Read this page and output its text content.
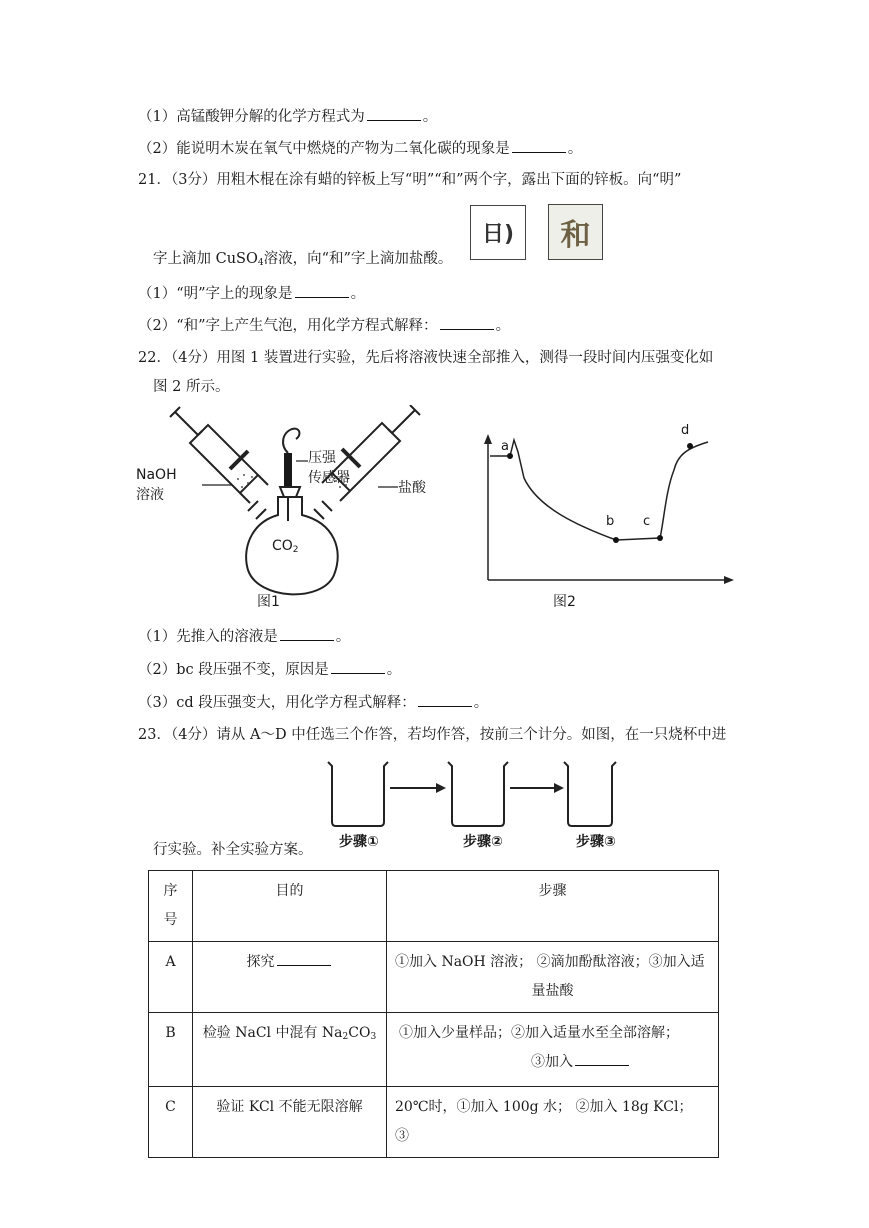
（1）高锰酸钾分解的化学方程式为	。
（2）能说明木炭在氧气中燃烧的产物为二氧化碳的现象是	。
21．（3分）用粗木棍在涂有蜡的锌板上写“明”“和”两个字，露出下面的锌板。向“明”
字上滴加 CuSO$_4$溶液，向“和”字上滴加盐酸。
日) 和
（1）“明”字上的现象是	。
（2）“和”字上产生气泡，用化学方程式解释：	。
22．（4分）用图 1 装置进行实验，先后将溶液快速全部推入，测得一段时间内压强变化如
图 2 所示。
压强
传感器
NaOH
溶液	盐酸
$CO_2$
图1
a
b c
d
图2
（1）先推入的溶液是	。
（2）bc 段压强不变，原因是	。
（3）cd 段压强变大，用化学方程式解释：	。
23．（4分）请从 A～D 中任选三个作答，若均作答，按前三个计分。如图，在一只烧杯中进
行实验。补全实验方案。 步骤①	步骤②	步骤③
序号	目的	步骤

A	探究	①加入 NaOH 溶液； ②滴加酚酞溶液；③加入适
量盐酸

B	检验 NaCl 中混有 $Na_2CO_3$	①加入少量样品；②加入适量水至全部溶解；
③加入

C	验证 KCl 不能无限溶解	20℃时，①加入 100g 水； ②加入 18g KCl； ③
